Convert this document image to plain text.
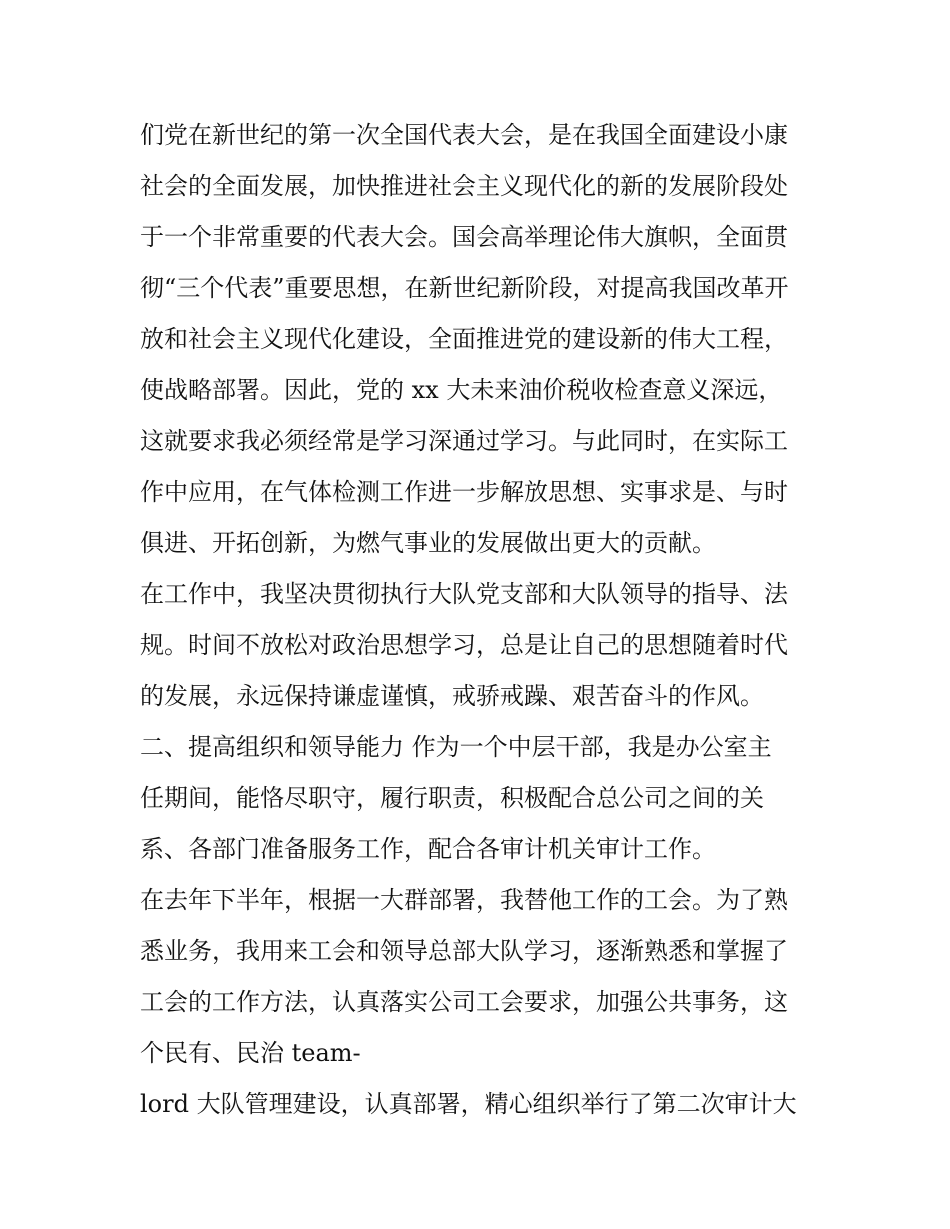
们党在新世纪的第一次全国代表大会，是在我国全面建设小康
社会的全面发展，加快推进社会主义现代化的新的发展阶段处
于一个非常重要的代表大会。国会高举理论伟大旗帜，全面贯
彻“三个代表”重要思想，在新世纪新阶段，对提高我国改革开
放和社会主义现代化建设，全面推进党的建设新的伟大工程，
使战略部署。因此，党的 xx 大未来油价税收检查意义深远，
这就要求我必须经常是学习深通过学习。与此同时，在实际工
作中应用，在气体检测工作进一步解放思想、实事求是、与时
俱进、开拓创新，为燃气事业的发展做出更大的贡献。
在工作中，我坚决贯彻执行大队党支部和大队领导的指导、法
规。时间不放松对政治思想学习，总是让自己的思想随着时代
的发展，永远保持谦虚谨慎，戒骄戒躁、艰苦奋斗的作风。
二、提高组织和领导能力 作为一个中层干部，我是办公室主
任期间，能恪尽职守，履行职责，积极配合总公司之间的关
系、各部门准备服务工作，配合各审计机关审计工作。
在去年下半年，根据一大群部署，我替他工作的工会。为了熟
悉业务，我用来工会和领导总部大队学习，逐渐熟悉和掌握了
工会的工作方法，认真落实公司工会要求，加强公共事务，这
个民有、民治 team-
lord 大队管理建设，认真部署，精心组织举行了第二次审计大
